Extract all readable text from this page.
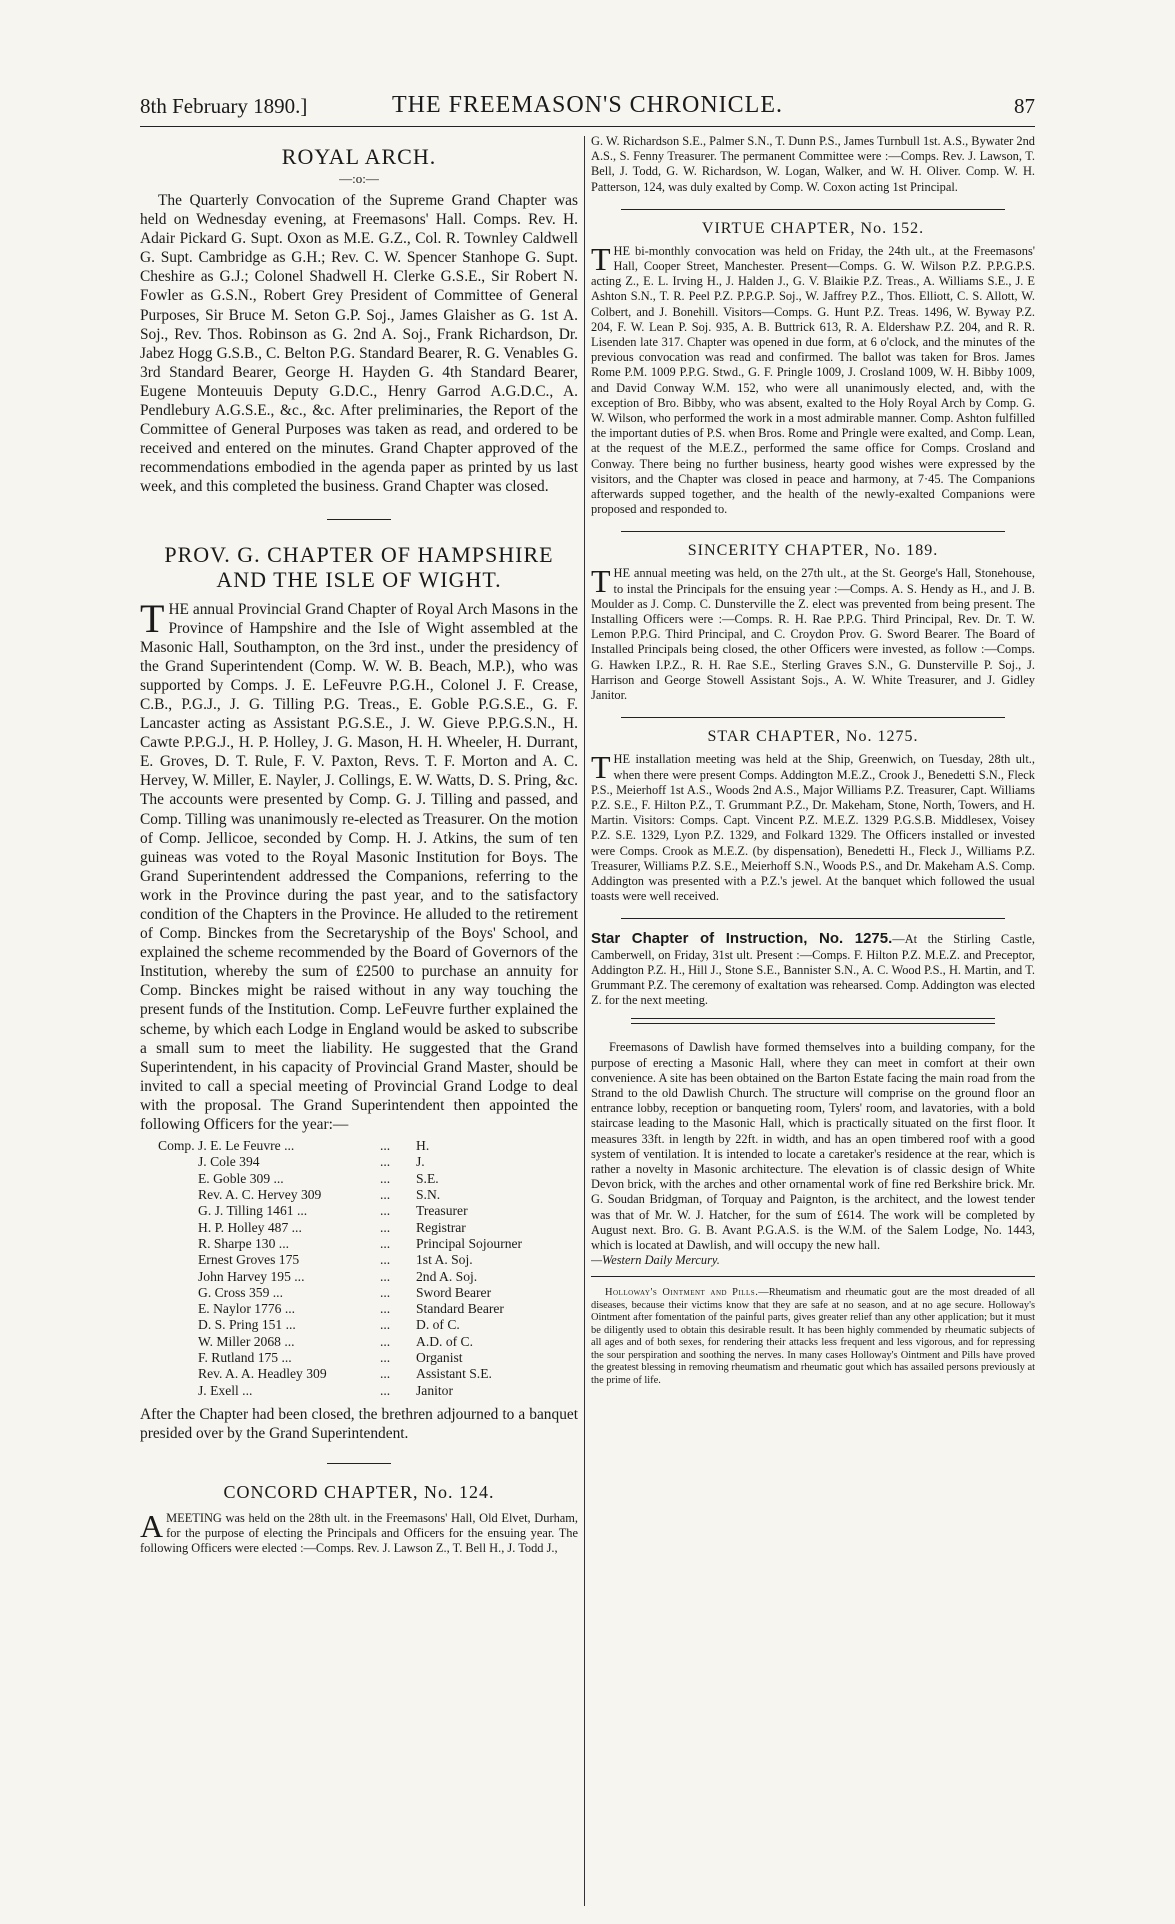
8th February 1890.]	THE FREEMASON'S CHRONICLE.	87
ROYAL ARCH.
—:o:—

The Quarterly Convocation of the Supreme Grand Chapter was held on Wednesday evening, at Freemasons' Hall. Comps. Rev. H. Adair Pickard G. Supt. Oxon as M.E. G.Z., Col. R. Townley Caldwell G. Supt. Cambridge as G.H.; Rev. C. W. Spencer Stanhope G. Supt. Cheshire as G.J.; Colonel Shadwell H. Clerke G.S.E., Sir Robert N. Fowler as G.S.N., Robert Grey President of Committee of General Purposes, Sir Bruce M. Seton G.P. Soj., James Glaisher as G. 1st A. Soj., Rev. Thos. Robinson as G. 2nd A. Soj., Frank Richardson, Dr. Jabez Hogg G.S.B., C. Belton P.G. Standard Bearer, R. G. Venables G. 3rd Standard Bearer, George H. Hayden G. 4th Standard Bearer, Eugene Monteuuis Deputy G.D.C., Henry Garrod A.G.D.C., A. Pendlebury A.G.S.E., &c., &c. After preliminaries, the Report of the Committee of General Purposes was taken as read, and ordered to be received and entered on the minutes. Grand Chapter approved of the recommendations embodied in the agenda paper as printed by us last week, and this completed the business. Grand Chapter was closed.

PROV. G. CHAPTER OF HAMPSHIRE
AND THE ISLE OF WIGHT.

THE annual Provincial Grand Chapter of Royal Arch Masons in the Province of Hampshire and the Isle of Wight assembled at the Masonic Hall, Southampton, on the 3rd inst., under the presidency of the Grand Superintendent (Comp. W. W. B. Beach, M.P.), who was supported by Comps. J. E. LeFeuvre P.G.H., Colonel J. F. Crease, C.B., P.G.J., J. G. Tilling P.G. Treas., E. Goble P.G.S.E., G. F. Lancaster acting as Assistant P.G.S.E., J. W. Gieve P.P.G.S.N., H. Cawte P.P.G.J., H. P. Holley, J. G. Mason, H. H. Wheeler, H. Durrant, E. Groves, D. T. Rule, F. V. Paxton, Revs. T. F. Morton and A. C. Hervey, W. Miller, E. Nayler, J. Collings, E. W. Watts, D. S. Pring, &c. The accounts were presented by Comp. G. J. Tilling and passed, and Comp. Tilling was unanimously re-elected as Treasurer. On the motion of Comp. Jellicoe, seconded by Comp. H. J. Atkins, the sum of ten guineas was voted to the Royal Masonic Institution for Boys. The Grand Superintendent addressed the Companions, referring to the work in the Province during the past year, and to the satisfactory condition of the Chapters in the Province. He alluded to the retirement of Comp. Binckes from the Secretaryship of the Boys' School, and explained the scheme recommended by the Board of Governors of the Institution, whereby the sum of £2500 to purchase an annuity for Comp. Binckes might be raised without in any way touching the present funds of the Institution. Comp. LeFeuvre further explained the scheme, by which each Lodge in England would be asked to subscribe a small sum to meet the liability. He suggested that the Grand Superintendent, in his capacity of Provincial Grand Master, should be invited to call a special meeting of Provincial Grand Lodge to deal with the proposal. The Grand Superintendent then appointed the following Officers for the year:—

Comp. J. E. Le Feuvre ...	...	H.
J. Cole 394	...	J.
E. Goble 309 ...	...	S.E.
Rev. A. C. Hervey 309	...	S.N.
G. J. Tilling 1461 ...	...	Treasurer
H. P. Holley 487 ...	...	Registrar
R. Sharpe 130 ...	...	Principal Sojourner
Ernest Groves 175	...	1st A. Soj.
John Harvey 195 ...	...	2nd A. Soj.
G. Cross 359 ...	...	Sword Bearer
E. Naylor 1776 ...	...	Standard Bearer
D. S. Pring 151 ...	...	D. of C.
W. Miller 2068 ...	...	A.D. of C.
F. Rutland 175 ...	...	Organist
Rev. A. A. Headley 309	...	Assistant S.E.
J. Exell ...	...	Janitor

After the Chapter had been closed, the brethren adjourned to a banquet presided over by the Grand Superintendent.

CONCORD CHAPTER, No. 124.

AMEETING was held on the 28th ult. in the Freemasons' Hall, Old Elvet, Durham, for the purpose of electing the Principals and Officers for the ensuing year. The following Officers were elected :—Comps. Rev. J. Lawson Z., T. Bell H., J. Todd J.,

G. W. Richardson S.E., Palmer S.N., T. Dunn P.S., James Turnbull 1st. A.S., Bywater 2nd A.S., S. Fenny Treasurer. The permanent Committee were :—Comps. Rev. J. Lawson, T. Bell, J. Todd, G. W. Richardson, W. Logan, Walker, and W. H. Oliver. Comp. W. H. Patterson, 124, was duly exalted by Comp. W. Coxon acting 1st Principal.

VIRTUE CHAPTER, No. 152.

THE bi-monthly convocation was held on Friday, the 24th ult., at the Freemasons' Hall, Cooper Street, Manchester. Present—Comps. G. W. Wilson P.Z. P.P.G.P.S. acting Z., E. L. Irving H., J. Halden J., G. V. Blaikie P.Z. Treas., A. Williams S.E., J. E Ashton S.N., T. R. Peel P.Z. P.P.G.P. Soj., W. Jaffrey P.Z., Thos. Elliott, C. S. Allott, W. Colbert, and J. Bonehill. Visitors—Comps. G. Hunt P.Z. Treas. 1496, W. Byway P.Z. 204, F. W. Lean P. Soj. 935, A. B. Buttrick 613, R. A. Eldershaw P.Z. 204, and R. R. Lisenden late 317. Chapter was opened in due form, at 6 o'clock, and the minutes of the previous convocation was read and confirmed. The ballot was taken for Bros. James Rome P.M. 1009 P.P.G. Stwd., G. F. Pringle 1009, J. Crosland 1009, W. H. Bibby 1009, and David Conway W.M. 152, who were all unanimously elected, and, with the exception of Bro. Bibby, who was absent, exalted to the Holy Royal Arch by Comp. G. W. Wilson, who performed the work in a most admirable manner. Comp. Ashton fulfilled the important duties of P.S. when Bros. Rome and Pringle were exalted, and Comp. Lean, at the request of the M.E.Z., performed the same office for Comps. Crosland and Conway. There being no further business, hearty good wishes were expressed by the visitors, and the Chapter was closed in peace and harmony, at 7·45. The Companions afterwards supped together, and the health of the newly-exalted Companions were proposed and responded to.

SINCERITY CHAPTER, No. 189.

THE annual meeting was held, on the 27th ult., at the St. George's Hall, Stonehouse, to instal the Principals for the ensuing year :—Comps. A. S. Hendy as H., and J. B. Moulder as J. Comp. C. Dunsterville the Z. elect was prevented from being present. The Installing Officers were :—Comps. R. H. Rae P.P.G. Third Principal, Rev. Dr. T. W. Lemon P.P.G. Third Principal, and C. Croydon Prov. G. Sword Bearer. The Board of Installed Principals being closed, the other Officers were invested, as follow :—Comps. G. Hawken I.P.Z., R. H. Rae S.E., Sterling Graves S.N., G. Dunsterville P. Soj., J. Harrison and George Stowell Assistant Sojs., A. W. White Treasurer, and J. Gidley Janitor.

STAR CHAPTER, No. 1275.

THE installation meeting was held at the Ship, Greenwich, on Tuesday, 28th ult., when there were present Comps. Addington M.E.Z., Crook J., Benedetti S.N., Fleck P.S., Meierhoff 1st A.S., Woods 2nd A.S., Major Williams P.Z. Treasurer, Capt. Williams P.Z. S.E., F. Hilton P.Z., T. Grummant P.Z., Dr. Makeham, Stone, North, Towers, and H. Martin. Visitors: Comps. Capt. Vincent P.Z. M.E.Z. 1329 P.G.S.B. Middlesex, Voisey P.Z. S.E. 1329, Lyon P.Z. 1329, and Folkard 1329. The Officers installed or invested were Comps. Crook as M.E.Z. (by dispensation), Benedetti H., Fleck J., Williams P.Z. Treasurer, Williams P.Z. S.E., Meierhoff S.N., Woods P.S., and Dr. Makeham A.S. Comp. Addington was presented with a P.Z.'s jewel. At the banquet which followed the usual toasts were well received.

Star Chapter of Instruction, No. 1275.—At the Stirling Castle, Camberwell, on Friday, 31st ult. Present :—Comps. F. Hilton P.Z. M.E.Z. and Preceptor, Addington P.Z. H., Hill J., Stone S.E., Bannister S.N., A. C. Wood P.S., H. Martin, and T. Grummant P.Z. The ceremony of exaltation was rehearsed. Comp. Addington was elected Z. for the next meeting.

Freemasons of Dawlish have formed themselves into a building company, for the purpose of erecting a Masonic Hall, where they can meet in comfort at their own convenience. A site has been obtained on the Barton Estate facing the main road from the Strand to the old Dawlish Church. The structure will comprise on the ground floor an entrance lobby, reception or banqueting room, Tylers' room, and lavatories, with a bold staircase leading to the Masonic Hall, which is practically situated on the first floor. It measures 33ft. in length by 22ft. in width, and has an open timbered roof with a good system of ventilation. It is intended to locate a caretaker's residence at the rear, which is rather a novelty in Masonic architecture. The elevation is of classic design of White Devon brick, with the arches and other ornamental work of fine red Berkshire brick. Mr. G. Soudan Bridgman, of Torquay and Paignton, is the architect, and the lowest tender was that of Mr. W. J. Hatcher, for the sum of £614. The work will be completed by August next. Bro. G. B. Avant P.G.A.S. is the W.M. of the Salem Lodge, No. 1443, which is located at Dawlish, and will occupy the new hall.

—Western Daily Mercury.

Holloway's Ointment and Pills.—Rheumatism and rheumatic gout are the most dreaded of all diseases, because their victims know that they are safe at no season, and at no age secure. Holloway's Ointment after fomentation of the painful parts, gives greater relief than any other application; but it must be diligently used to obtain this desirable result. It has been highly commended by rheumatic subjects of all ages and of both sexes, for rendering their attacks less frequent and less vigorous, and for repressing the sour perspiration and soothing the nerves. In many cases Holloway's Ointment and Pills have proved the greatest blessing in removing rheumatism and rheumatic gout which has assailed persons previously at the prime of life.
